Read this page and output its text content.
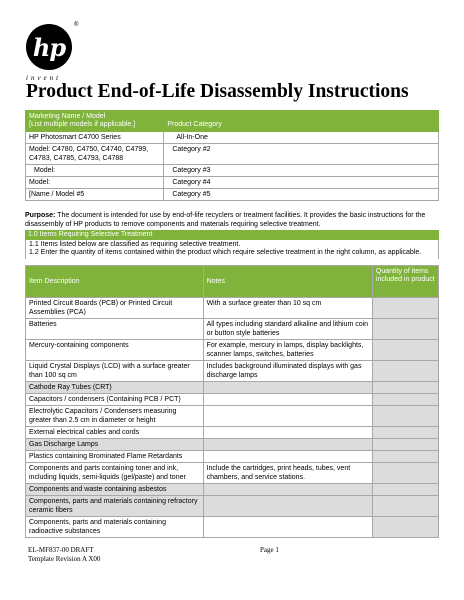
hp
®
invent
Product End-of-Life Disassembly Instructions
Marketing Name / Model
[List multiple models if applicable.]	Product Category
HP Photosmart C4700 Series	All-In-One
Model: C4780, C4750, C4740, C4799, C4783, C4785, C4793, C4788	Category #2
Model:	Category #3
Model:	Category #4
[Name / Model #5	Category #5
Purpose: The document is intended for use by end-of-life recyclers or treatment facilities. It provides the basic instructions for the disassembly of HP products to remove components and materials requiring selective treatment.
1.0 Items Requiring Selective Treatment
1.1 Items listed below are classified as requiring selective treatment.
1.2 Enter the quantity of items contained within the product which require selective treatment in the right column, as applicable.
Item Description	Notes	Quantity of items included in product
Printed Circuit Boards (PCB) or Printed Circuit Assemblies (PCA)	With a surface greater than 10 sq cm	
Batteries	All types including standard alkaline and lithium coin or button style batteries	
Mercury-containing components	For example, mercury in lamps, display backlights, scanner lamps, switches, batteries	
Liquid Crystal Displays (LCD) with a surface greater than 100 sq cm	Includes background illuminated displays with gas discharge lamps	
Cathode Ray Tubes (CRT)		
Capacitors / condensers (Containing PCB / PCT)		
Electrolytic Capacitors / Condensers measuring greater than 2.5 cm in diameter or height		
External electrical cables and cords		
Gas Discharge Lamps		
Plastics containing Brominated Flame Retardants		
Components and parts containing toner and ink, including liquids, semi-liquids (gel/paste) and toner	Include the cartridges, print heads, tubes, vent chambers, and service stations.	
Components and waste containing asbestos		
Components, parts and materials containing refractory ceramic fibers		
Components, parts and materials containing radioactive substances		
EL-MF837-00 DRAFT
Template Revision A X00
Page 1
